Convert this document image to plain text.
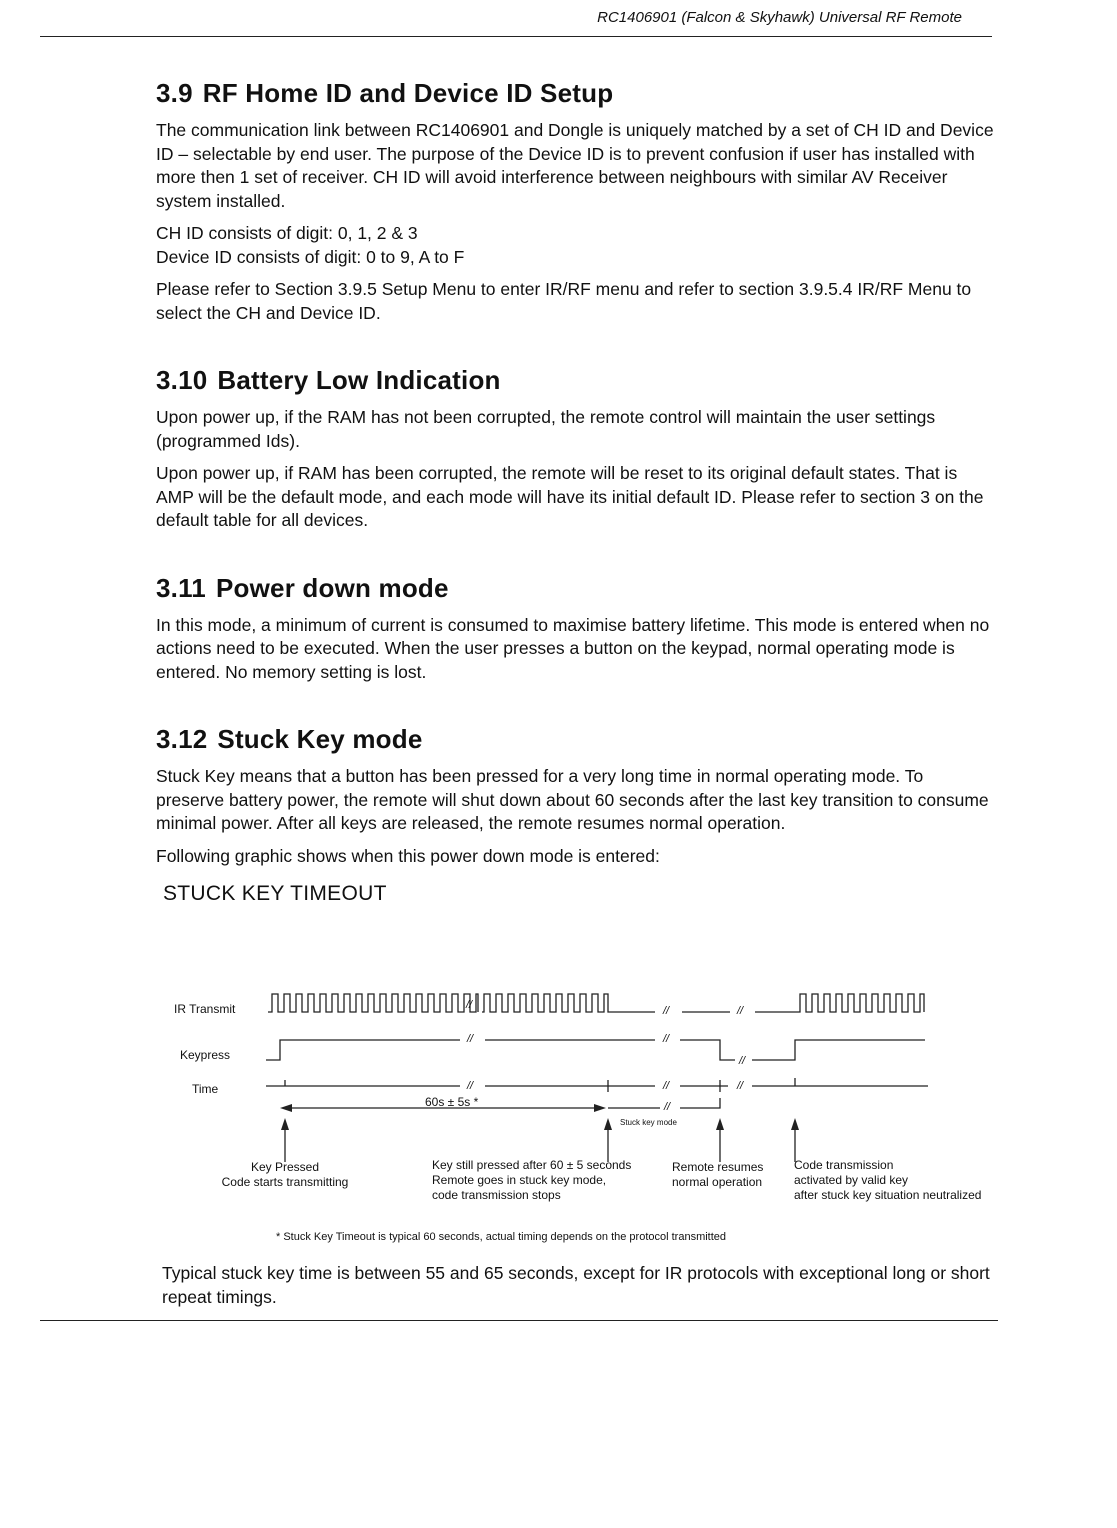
RC1406901 (Falcon & Skyhawk) Universal RF Remote
3.9 RF Home ID and Device ID Setup

The communication link between RC1406901 and Dongle is uniquely matched by a set of CH ID and Device ID – selectable by end user. The purpose of the Device ID is to prevent confusion if user has installed with more then 1 set of receiver. CH ID will avoid interference between neighbours with similar AV Receiver system installed.

CH ID consists of digit: 0, 1, 2 & 3

Device ID consists of digit: 0 to 9, A to F

Please refer to Section 3.9.5 Setup Menu to enter IR/RF menu and refer to section 3.9.5.4 IR/RF Menu to select the CH and Device ID.

3.10 Battery Low Indication

Upon power up, if the RAM has not been corrupted, the remote control will maintain the user settings (programmed Ids).

Upon power up, if RAM has been corrupted, the remote will be reset to its original default states. That is AMP will be the default mode, and each mode will have its initial default ID. Please refer to section 3 on the default table for all devices.

3.11 Power down mode

In this mode, a minimum of current is consumed to maximise battery lifetime. This mode is entered when no actions need to be executed. When the user presses a button on the keypad, normal operating mode is entered. No memory setting is lost.

3.12 Stuck Key mode

Stuck Key means that a button has been pressed for a very long time in normal operating mode. To preserve battery power, the remote will shut down about 60 seconds after the last key transition to consume minimal power. After all keys are released, the remote resumes normal operation.

Following graphic shows when this power down mode is entered:

STUCK KEY TIMEOUT
IR Transmit
Keypress
Time
//	//	//
//	//
//
//	//	//
//
60s ± 5s *
Stuck key mode
Key Pressed
Code starts transmitting
Key still pressed after 60 ± 5 seconds
Remote goes in stuck key mode,
code transmission stops
Remote resumes
normal operation
Code transmission
activated by valid key
after stuck key situation neutralized
* Stuck Key Timeout is typical 60 seconds, actual timing depends on the protocol transmitted

Typical stuck key time is between 55 and 65 seconds, except for IR protocols with exceptional long or short repeat timings.
